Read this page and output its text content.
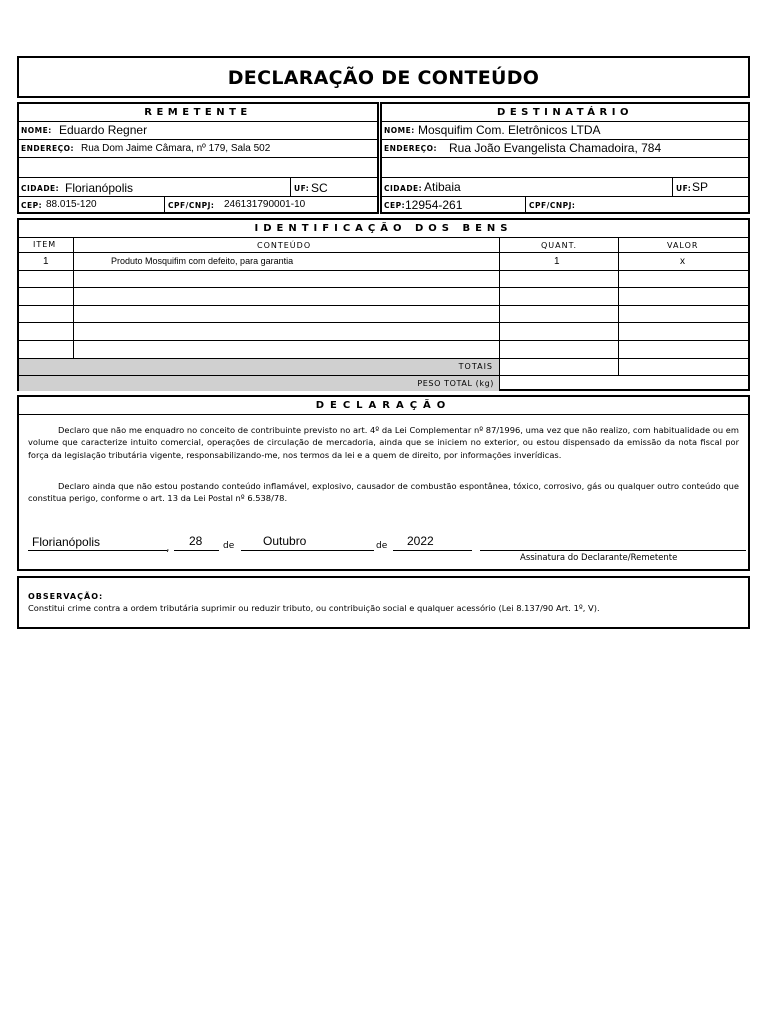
DECLARAÇÃO DE CONTEÚDO
REMETENTE
NOME: Eduardo Regner
ENDEREÇO: Rua Dom Jaime Câmara, nº 179, Sala 502
CIDADE: Florianópolis	UF: SC
CEP: 88.015-120	CPF/CNPJ: 246131790001-10
DESTINATÁRIO
NOME: Mosquifim Com. Eletrônicos LTDA
ENDEREÇO: Rua João Evangelista Chamadoira, 784
CIDADE: Atibaia	UF: SP
CEP: 12954-261	CPF/CNPJ:
IDENTIFICAÇÃO DOS BENS
ITEM	CONTEÚDO	QUANT.	VALOR
1	Produto Mosquifim com defeito, para garantia	1	x
TOTAIS
PESO TOTAL (kg)
DECLARAÇÃO
Declaro que não me enquadro no conceito de contribuinte previsto no art. 4º da Lei Complementar nº 87/1996, uma vez que não realizo, com habitualidade ou em volume que caracterize intuito comercial, operações de circulação de mercadoria, ainda que se iniciem no exterior, ou estou dispensado da emissão da nota fiscal por força da legislação tributária vigente, responsabilizando-me, nos termos da lei e a quem de direito, por informações inverídicas.
Declaro ainda que não estou postando conteúdo inflamável, explosivo, causador de combustão espontânea, tóxico, corrosivo, gás ou qualquer outro conteúdo que constitua perigo, conforme o art. 13 da Lei Postal nº 6.538/78.
Florianópolis	, 28 de Outubro	de 2022
Assinatura do Declarante/Remetente
OBSERVAÇÃO:
Constitui crime contra a ordem tributária suprimir ou reduzir tributo, ou contribuição social e qualquer acessório (Lei 8.137/90 Art. 1º, V).
